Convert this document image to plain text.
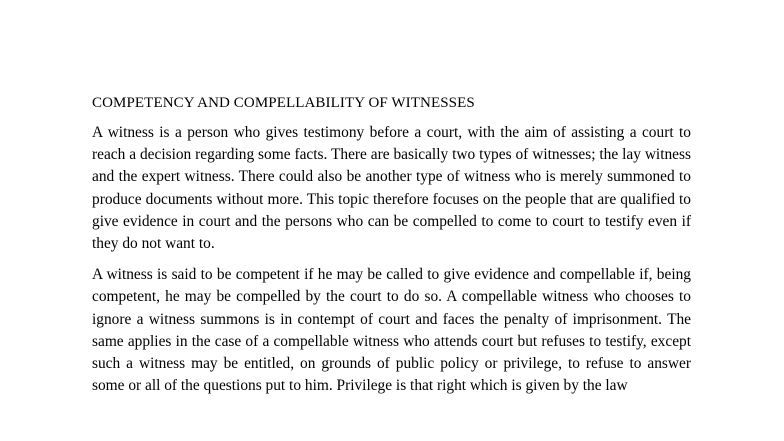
COMPETENCY AND COMPELLABILITY OF WITNESSES

A witness is a person who gives testimony before a court, with the aim of assisting a court to reach a decision regarding some facts. There are basically two types of witnesses; the lay witness and the expert witness. There could also be another type of witness who is merely summoned to produce documents without more. This topic therefore focuses on the people that are qualified to give evidence in court and the persons who can be compelled to come to court to testify even if they do not want to.

A witness is said to be competent if he may be called to give evidence and compellable if, being competent, he may be compelled by the court to do so. A compellable witness who chooses to ignore a witness summons is in contempt of court and faces the penalty of imprisonment. The same applies in the case of a compellable witness who attends court but refuses to testify, except such a witness may be entitled, on grounds of public policy or privilege, to refuse to answer some or all of the questions put to him. Privilege is that right which is given by the law
